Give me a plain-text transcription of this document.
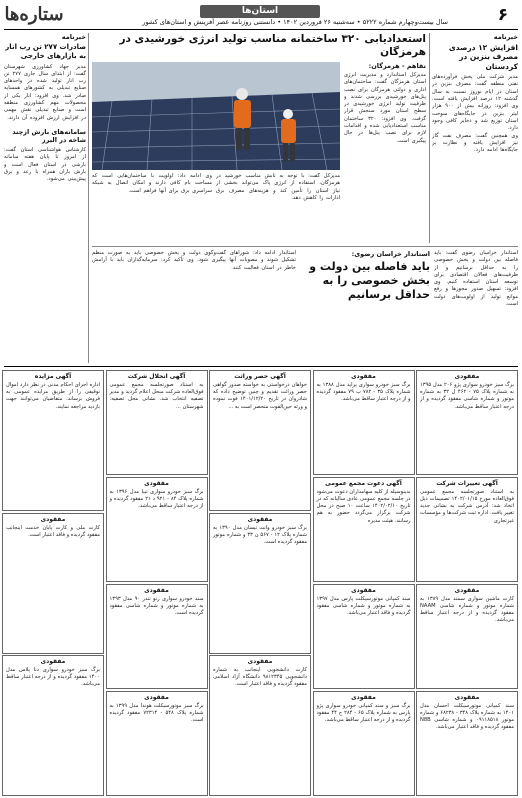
ستاره‌ها	استان‌ها
سال بیست‌وچهارم شماره ۵۲۲۲ • سه‌شنبه ۲۶ فروردین ۱۴۰۲ • دانستنی روزنامه عصر آفرینش و استان‌های کشور	۶
خبرنامه
افزایش ۱۲ درصدی مصرف بنزین در کردستان
مدیر شرکت ملی پخش فرآورده‌های نفتی منطقه گفت: مصرف بنزین در استان در ایام نوروز نسبت به سال گذشته ۱۲ درصد افزایش یافته است. وی افزود: روزانه بیش از ۹۰۰ هزار لیتر بنزین در جایگاه‌های سوخت استان توزیع شد و ذخایر کافی وجود دارد.
وی همچنین گفت: مصرف نفت گاز نیز افزایش یافته و نظارت بر جایگاه‌ها ادامه دارد.
استعدادیابی ۳۲۰ ساختمانه مناسب تولید انرژی خورشیدی در هرمزگان
نقاهم - هرمزگان:
مدیرکل استاندارد و مدیریت انرژی استان هرمزگان گفت: ساختمان‌های اداری و دولتی هرمزگان برای نصب پنل‌های خورشیدی بررسی شدند و ظرفیت تولید انرژی خورشیدی در سطح استان مورد سنجش قرار گرفت. وی افزود: ۳۲۰ ساختمان مناسب استعدادیابی شده و اقدامات لازم برای نصب پنل‌ها در حال پیگیری است.
مدیرکل گفت: با توجه به تابش مناسب خورشید در هرمزگان، استفاده از انرژی پاک می‌تواند بخشی از نیاز استان را تأمین کند و هزینه‌های مصرف برق ادارات را کاهش دهد.
وی ادامه داد: اولویت با ساختمان‌هایی است که مساحت بام کافی دارند و امکان اتصال به شبکه سراسری برق برای آنها فراهم است.
خبرنامه
صادرات ۲۷۷ تن رب انار به بازارهای خارجی
مدیر جهاد کشاورزی شهرستان گفت: از ابتدای سال جاری ۲۷۷ تن رب انار تولید شده در واحدهای صنایع تبدیلی به کشورهای همسایه صادر شد. وی افزود: انار یکی از محصولات مهم کشاورزی منطقه است و صنایع تبدیلی نقش مهمی در افزایش ارزش افزوده آن دارند.
سامانه‌های بارش ازچند شاخه در البرز
کارشناس هواشناسی استان گفت: از امروز تا پایان هفته سامانه بارشی در استان فعال است و بارش باران همراه با رعد و برق پیش‌بینی می‌شود.
استاندار خراسان رضوی:
باید فاصله بین دولت و بخش خصوصی را به حداقل برسانیم
استاندار خراسان رضوی گفت: باید فاصله بین دولت و بخش خصوصی را به حداقل برسانیم و از ظرفیت‌های فعالان اقتصادی برای توسعه استان استفاده کنیم. وی افزود: تسهیل صدور مجوزها و رفع موانع تولید از اولویت‌های دولت است.
استاندار ادامه داد: شوراهای گفت‌وگوی دولت و بخش خصوصی باید به صورت منظم تشکیل شوند و مصوبات آنها پیگیری شود. وی تأکید کرد: سرمایه‌گذاران باید با آرامش خاطر در استان فعالیت کنند.
مفقودی
برگ سبز خودرو سواری پژو ۲۰۶ مدل ۱۳۹۵ به شماره پلاک ۷۵ - ۴۶۲ ل ۳۲ به شماره موتور و شماره شاسی مفقود گردیده و از درجه اعتبار ساقط می‌باشد.
آگهی تغییرات شرکت
به استناد صورتجلسه مجمع عمومی فوق‌العاده مورخ ۱۴۰۲/۰۱/۱۵ تصمیمات ذیل اتخاذ شد: آدرس شرکت به نشانی جدید تغییر یافت. اداره ثبت شرکت‌ها و مؤسسات غیرتجاری
مفقودی
کارت ماشین سواری سمند مدل ۱۳۸۹ به شماره موتور و شماره شاسی NAAM مفقود گردیده و از درجه اعتبار ساقط می‌باشد.
مفقودی
سند کمپانی موتورسیکلت احسان مدل ۱۴۰۱ به شماره پلاک ۳۴۸ - ۶۸۲۳۸ و شماره موتور ۰۹۱۱۸۵۱۸ و شماره شاسی N8B مفقود گردیده و فاقد اعتبار می‌باشد.
مفقودی
برگ سبز خودرو سواری پراید مدل ۱۳۸۸ به شماره پلاک ۳۵ - ۷۸۲ ب ۷۹ مفقود گردیده و از درجه اعتبار ساقط می‌باشد.
آگهی دعوت مجمع عمومی
بدینوسیله از کلیه سهامداران دعوت می‌شود در جلسه مجمع عمومی عادی سالیانه که در تاریخ ۱۴۰۲/۰۲/۱۰ ساعت ۱۰ صبح در محل شرکت برگزار می‌گردد حضور به هم رسانند. هیئت مدیره
مفقودی
سند کمپانی موتورسیکلت پارس مدل ۱۳۹۷ به شماره موتور و شماره شاسی مفقود گردیده و فاقد اعتبار می‌باشد.
مفقودی
برگ سبز و سند کمپانی خودرو سواری پژو پارس به شماره پلاک ۶۵ - ۲۸۴ ج ۴۴ مفقود گردیده و از درجه اعتبار ساقط می‌باشد.
آگهی حصر وراثت
خواهان درخواستی به خواسته صدور گواهی حصر وراثت تقدیم و چنین توضیح داده که شادروان در تاریخ ۱۴۰۱/۱۲/۲۰ فوت نموده و ورثه حین‌الفوت منحصر است به ...
مفقودی
برگ سبز خودرو وانت نیسان مدل ۱۳۹۰ به شماره پلاک ۱۲ - ۵۶۷ ن ۳۳ و شماره موتور مفقود گردیده است.
مفقودی
کارت دانشجویی اینجانب به شماره دانشجویی ۹۸۱۲۳۴۵ دانشگاه آزاد اسلامی مفقود گردیده و فاقد اعتبار است.
آگهی انحلال شرکت
به استناد صورتجلسه مجمع عمومی فوق‌العاده شرکت منحل اعلام گردید و مدیر تصفیه انتخاب شد. نشانی محل تصفیه: شهرستان ...
مفقودی
برگ سبز خودرو سواری تیبا مدل ۱۳۹۶ به شماره پلاک ۸۴ - ۹۲۱ د ۲۱ مفقود گردیده و از درجه اعتبار ساقط می‌باشد.
مفقودی
سند خودرو سواری رنو تندر ۹۰ مدل ۱۳۹۳ به شماره موتور و شماره شاسی مفقود گردیده است.
مفقودی
برگ سبز موتورسیکلت هوندا مدل ۱۳۹۹ به شماره پلاک ۵۴۸ - ۷۲۳۱۴ مفقود گردیده است.
آگهی مزایده
اداره اجرای احکام مدنی در نظر دارد اموال توقیفی را از طریق مزایده عمومی به فروش برساند. متقاضیان می‌توانند جهت بازدید مراجعه نمایند.
مفقودی
کارت ملی و کارت پایان خدمت اینجانب مفقود گردیده و فاقد اعتبار است.
مفقودی
برگ سبز خودرو سواری دنا پلاس مدل ۱۴۰۰ مفقود گردیده و از درجه اعتبار ساقط می‌باشد.
